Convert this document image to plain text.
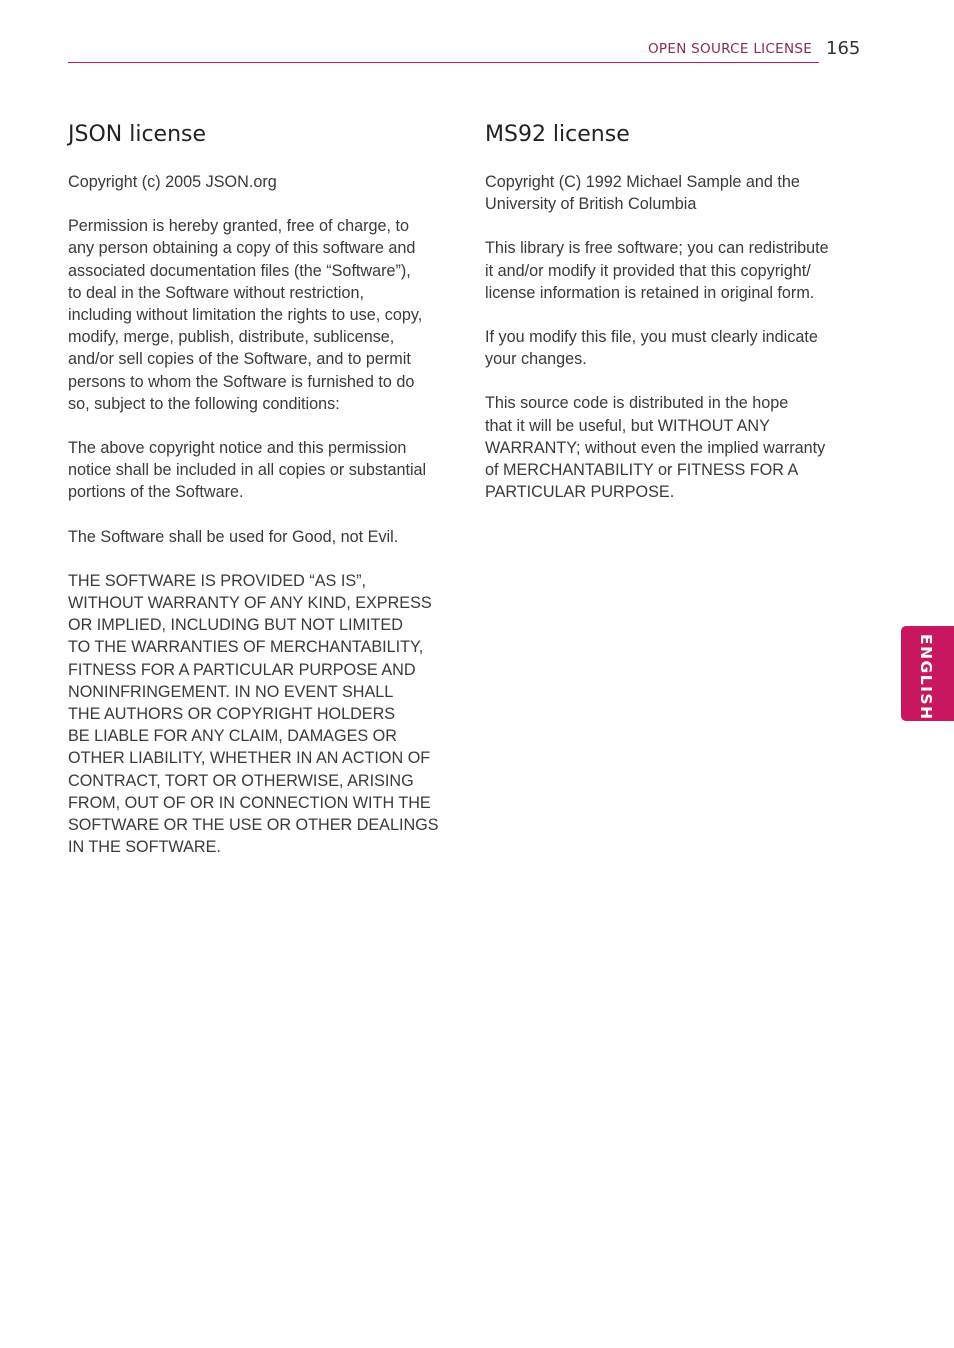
OPEN SOURCE LICENSE 165
JSON license

Copyright (c) 2005 JSON.org

Permission is hereby granted, free of charge, to
any person obtaining a copy of this software and
associated documentation files (the “Software”),
to deal in the Software without restriction,
including without limitation the rights to use, copy,
modify, merge, publish, distribute, sublicense,
and/or sell copies of the Software, and to permit
persons to whom the Software is furnished to do
so, subject to the following conditions:

The above copyright notice and this permission
notice shall be included in all copies or substantial
portions of the Software.

The Software shall be used for Good, not Evil.

THE SOFTWARE IS PROVIDED “AS IS”,
WITHOUT WARRANTY OF ANY KIND, EXPRESS
OR IMPLIED, INCLUDING BUT NOT LIMITED
TO THE WARRANTIES OF MERCHANTABILITY,
FITNESS FOR A PARTICULAR PURPOSE AND
NONINFRINGEMENT. IN NO EVENT SHALL
THE AUTHORS OR COPYRIGHT HOLDERS
BE LIABLE FOR ANY CLAIM, DAMAGES OR
OTHER LIABILITY, WHETHER IN AN ACTION OF
CONTRACT, TORT OR OTHERWISE, ARISING
FROM, OUT OF OR IN CONNECTION WITH THE
SOFTWARE OR THE USE OR OTHER DEALINGS
IN THE SOFTWARE.

MS92 license

Copyright (C) 1992 Michael Sample and the
University of British Columbia

This library is free software; you can redistribute
it and/or modify it provided that this copyright/
license information is retained in original form.

If you modify this file, you must clearly indicate
your changes.

This source code is distributed in the hope
that it will be useful, but WITHOUT ANY
WARRANTY; without even the implied warranty
of MERCHANTABILITY or FITNESS FOR A
PARTICULAR PURPOSE.

ENGLISH
